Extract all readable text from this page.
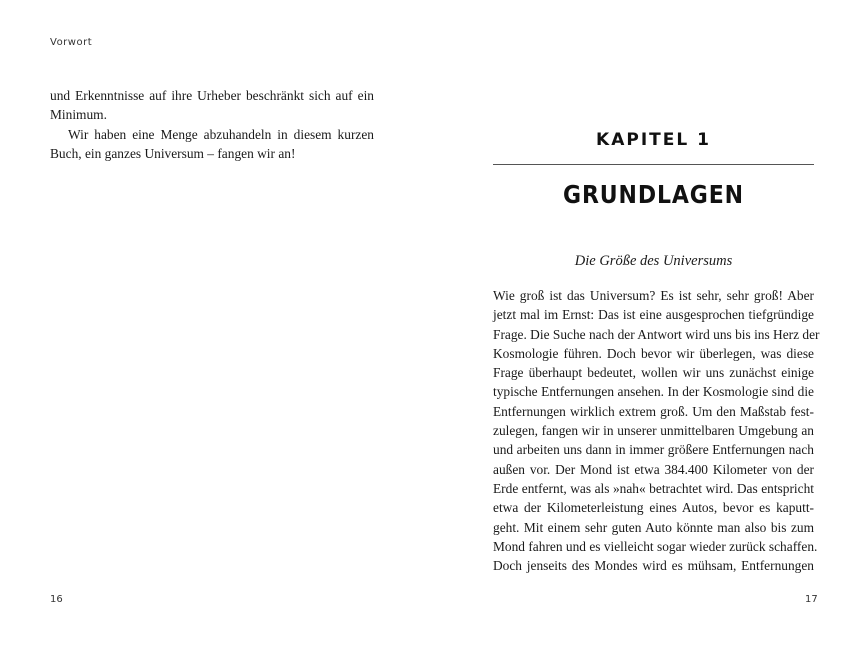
Vorwort

und Erkenntnisse auf ihre Urheber beschränkt sich auf ein
Minimum.

Wir haben eine Menge abzuhandeln in diesem kurzen
Buch, ein ganzes Universum – fangen wir an!

16
KAPITEL 1
GRUNDLAGEN
Die Größe des Universums

Wie groß ist das Universum? Es ist sehr, sehr groß! Aber
jetzt mal im Ernst: Das ist eine ausgesprochen tiefgründige
Frage. Die Suche nach der Antwort wird uns bis ins Herz der
Kosmologie führen. Doch bevor wir überlegen, was diese
Frage überhaupt bedeutet, wollen wir uns zunächst einige
typische Entfernungen ansehen. In der Kosmologie sind die
Entfernungen wirklich extrem groß. Um den Maßstab fest-
zulegen, fangen wir in unserer unmittelbaren Umgebung an
und arbeiten uns dann in immer größere Entfernungen nach
außen vor. Der Mond ist etwa 384.400 Kilometer von der
Erde entfernt, was als »nah« betrachtet wird. Das entspricht
etwa der Kilometerleistung eines Autos, bevor es kaputt-
geht. Mit einem sehr guten Auto könnte man also bis zum
Mond fahren und es vielleicht sogar wieder zurück schaffen.
Doch jenseits des Mondes wird es mühsam, Entfernungen

17
